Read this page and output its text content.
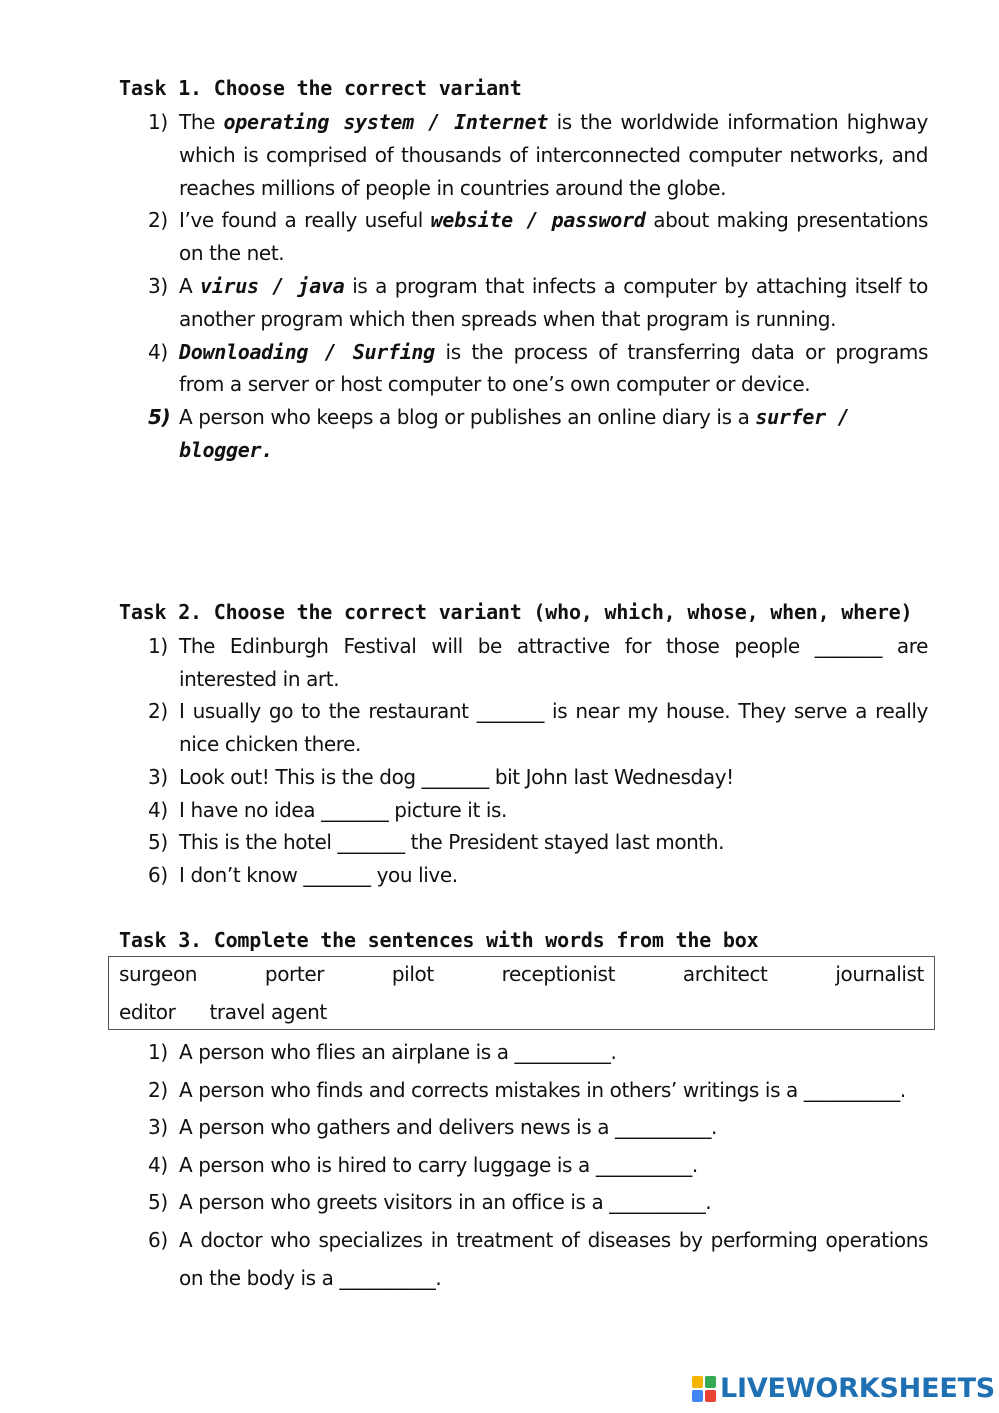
Task 1. Choose the correct variant
1) The operating system / Internet is the worldwide information highway which is comprised of thousands of interconnected computer networks, and reaches millions of people in countries around the globe.
2) I’ve found a really useful website / password about making presentations on the net.
3) A virus / java is a program that infects a computer by attaching itself to another program which then spreads when that program is running.
4) Downloading / Surfing is the process of transferring data or programs from a server or host computer to one’s own computer or device.
5) A person who keeps a blog or publishes an online diary is a surfer / blogger.
Task 2. Choose the correct variant (who, which, whose, when, where)
1) The Edinburgh Festival will be attractive for those people _______ are interested in art.
2) I usually go to the restaurant _______ is near my house. They serve a really nice chicken there.
3) Look out! This is the dog _______ bit John last Wednesday!
4) I have no idea _______ picture it is.
5) This is the hotel _______ the President stayed last month.
6) I don’t know _______ you live.
Task 3. Complete the sentences with words from the box
surgeon	porter	pilot	receptionist	architect	journalist
editor travel agent
1) A person who flies an airplane is a __________.
2) A person who finds and corrects mistakes in others’ writings is a __________.
3) A person who gathers and delivers news is a __________.
4) A person who is hired to carry luggage is a __________.
5) A person who greets visitors in an office is a __________.
6) A doctor who specializes in treatment of diseases by performing operations on the body is a __________.
LIVEWORKSHEETS
